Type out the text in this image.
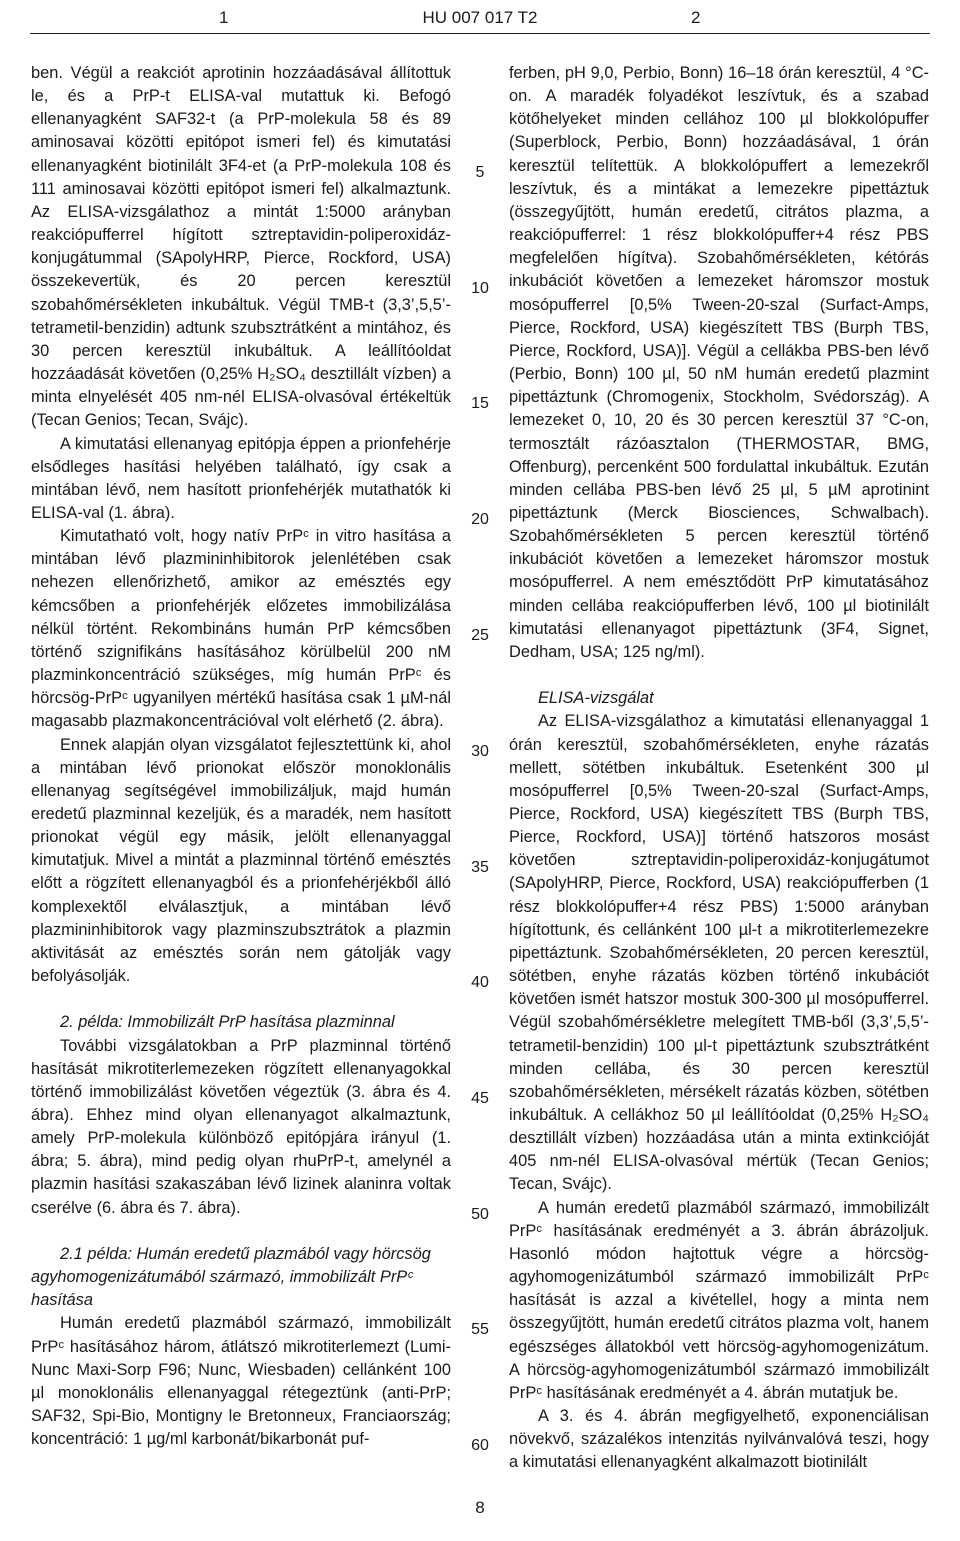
1	HU 007 017 T2	2

ben. Végül a reakciót aprotinin hozzáadásával állítottuk le, és a PrP-t ELISA-val mutattuk ki. Befogó ellenanyagként SAF32-t (a PrP-molekula 58 és 89 aminosavai közötti epitópot ismeri fel) és kimutatási ellenanyagként biotinilált 3F4-et (a PrP-molekula 108 és 111 aminosavai közötti epitópot ismeri fel) alkalmaztunk. Az ELISA-vizsgálathoz a mintát 1:5000 arányban reakciópufferrel hígított sztreptavidin-poliperoxidáz-konjugátummal (SApolyHRP, Pierce, Rockford, USA) összekevertük, és 20 percen keresztül szobahőmérsékleten inkubáltuk. Végül TMB-t (3,3’,5,5’-tetrametil-benzidin) adtunk szubsztrátként a mintához, és 30 percen keresztül inkubáltuk. A leállítóoldat hozzáadását követően (0,25% H₂SO₄ desztillált vízben) a minta elnyelését 405 nm-nél ELISA-olvasóval értékeltük (Tecan Genios; Tecan, Svájc).

A kimutatási ellenanyag epitópja éppen a prionfehérje elsődleges hasítási helyében található, így csak a mintában lévő, nem hasított prionfehérjék mutathatók ki ELISA-val (1. ábra).

Kimutatható volt, hogy natív PrPᶜ in vitro hasítása a mintában lévő plazmininhibitorok jelenlétében csak nehezen ellenőrizhető, amikor az emésztés egy kémcsőben a prionfehérjék előzetes immobilizálása nélkül történt. Rekombináns humán PrP kémcsőben történő szignifikáns hasításához körülbelül 200 nM plazminkoncentráció szükséges, míg humán PrPᶜ és hörcsög-PrPᶜ ugyanilyen mértékű hasítása csak 1 µM-nál magasabb plazmakoncentrációval volt elérhető (2. ábra).

Ennek alapján olyan vizsgálatot fejlesztettünk ki, ahol a mintában lévő prionokat először monoklonális ellenanyag segítségével immobilizáljuk, majd humán eredetű plazminnal kezeljük, és a maradék, nem hasított prionokat végül egy másik, jelölt ellenanyaggal kimutatjuk. Mivel a mintát a plazminnal történő emésztés előtt a rögzített ellenanyagból és a prionfehérjékből álló komplexektől elválasztjuk, a mintában lévő plazmininhibitorok vagy plazminszubsztrátok a plazmin aktivitását az emésztés során nem gátolják vagy befolyásolják.

2. példa: Immobilizált PrP hasítása plazminnal

További vizsgálatokban a PrP plazminnal történő hasítását mikrotiterlemezeken rögzített ellenanyagokkal történő immobilizálást követően végeztük (3. ábra és 4. ábra). Ehhez mind olyan ellenanyagot alkalmaztunk, amely PrP-molekula különböző epitópjára irányul (1. ábra; 5. ábra), mind pedig olyan rhuPrP-t, amelynél a plazmin hasítási szakaszában lévő lizinek alaninra voltak cserélve (6. ábra és 7. ábra).

2.1 példa: Humán eredetű plazmából vagy hörcsög agyhomogenizátumából származó, immobilizált PrPᶜ hasítása

Humán eredetű plazmából származó, immobilizált PrPᶜ hasításához három, átlátszó mikrotiterlemezt (Lumi-Nunc Maxi-Sorp F96; Nunc, Wiesbaden) cellánként 100 µl monoklonális ellenanyaggal rétegeztünk (anti-PrP; SAF32, Spi-Bio, Montigny le Bretonneux, Franciaország; koncentráció: 1 µg/ml karbonát/bikarbonát puf-

5
10
15
20
25
30
35
40
45
50
55
60

ferben, pH 9,0, Perbio, Bonn) 16–18 órán keresztül, 4 °C-on. A maradék folyadékot leszívtuk, és a szabad kötőhelyeket minden cellához 100 µl blokkolópuffer (Superblock, Perbio, Bonn) hozzáadásával, 1 órán keresztül telítettük. A blokkolópuffert a lemezekről leszívtuk, és a mintákat a lemezekre pipettáztuk (összegyűjtött, humán eredetű, citrátos plazma, a reakciópufferrel: 1 rész blokkolópuffer+4 rész PBS megfelelően hígítva). Szobahőmérsékleten, kétórás inkubációt követően a lemezeket háromszor mostuk mosópufferrel [0,5% Tween-20-szal (Surfact-Amps, Pierce, Rockford, USA) kiegészített TBS (Burph TBS, Pierce, Rockford, USA)]. Végül a cellákba PBS-ben lévő (Perbio, Bonn) 100 µl, 50 nM humán eredetű plazmint pipettáztunk (Chromogenix, Stockholm, Svédország). A lemezeket 0, 10, 20 és 30 percen keresztül 37 °C-on, termosztált rázóasztalon (THERMOSTAR, BMG, Offenburg), percenként 500 fordulattal inkubáltuk. Ezután minden cellába PBS-ben lévő 25 µl, 5 µM aprotinint pipettáztunk (Merck Biosciences, Schwalbach). Szobahőmérsékleten 5 percen keresztül történő inkubációt követően a lemezeket háromszor mostuk mosópufferrel. A nem emésztődött PrP kimutatásához minden cellába reakciópufferben lévő, 100 µl biotinilált kimutatási ellenanyagot pipettáztunk (3F4, Signet, Dedham, USA; 125 ng/ml).

ELISA-vizsgálat

Az ELISA-vizsgálathoz a kimutatási ellenanyaggal 1 órán keresztül, szobahőmérsékleten, enyhe rázatás mellett, sötétben inkubáltuk. Esetenként 300 µl mosópufferrel [0,5% Tween-20-szal (Surfact-Amps, Pierce, Rockford, USA) kiegészített TBS (Burph TBS, Pierce, Rockford, USA)] történő hatszoros mosást követően sztreptavidin-poliperoxidáz-konjugátumot (SApolyHRP, Pierce, Rockford, USA) reakciópufferben (1 rész blokkolópuffer+4 rész PBS) 1:5000 arányban hígítottunk, és cellánként 100 µl-t a mikrotiterlemezekre pipettáztunk. Szobahőmérsékleten, 20 percen keresztül, sötétben, enyhe rázatás közben történő inkubációt követően ismét hatszor mostuk 300-300 µl mosópufferrel. Végül szobahőmérsékletre melegített TMB-ből (3,3’,5,5’-tetrametil-benzidin) 100 µl-t pipettáztunk szubsztrátként minden cellába, és 30 percen keresztül szobahőmérsékleten, mérsékelt rázatás közben, sötétben inkubáltuk. A cellákhoz 50 µl leállítóoldat (0,25% H₂SO₄ desztillált vízben) hozzáadása után a minta extinkcióját 405 nm-nél ELISA-olvasóval mértük (Tecan Genios; Tecan, Svájc).

A humán eredetű plazmából származó, immobilizált PrPᶜ hasításának eredményét a 3. ábrán ábrázoljuk. Hasonló módon hajtottuk végre a hörcsög-agyhomogenizátumból származó immobilizált PrPᶜ hasítását is azzal a kivétellel, hogy a minta nem összegyűjtött, humán eredetű citrátos plazma volt, hanem egészséges állatokból vett hörcsög-agyhomogenizátum. A hörcsög-agyhomogenizátumból származó immobilizált PrPᶜ hasításának eredményét a 4. ábrán mutatjuk be.

A 3. és 4. ábrán megfigyelhető, exponenciálisan növekvő, százalékos intenzitás nyilvánvalóvá teszi, hogy a kimutatási ellenanyagként alkalmazott biotinilált

8
